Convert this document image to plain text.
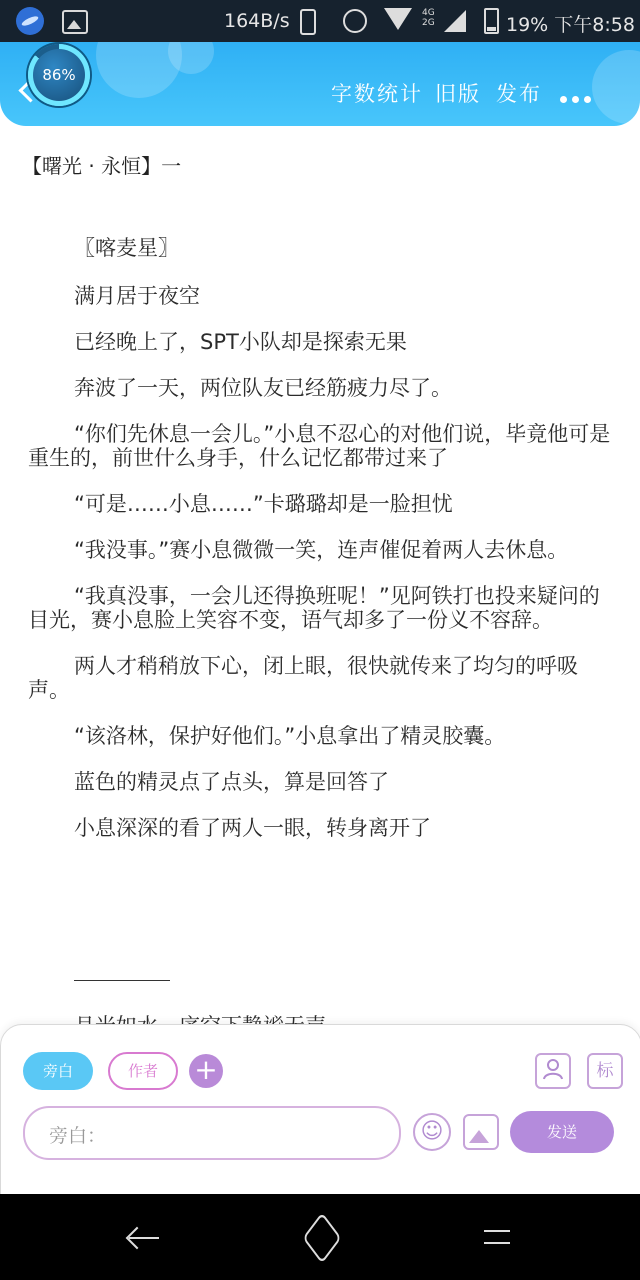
164B/s	4G
2G	19% 下午8:58
86%
字数统计 旧版 发布
【曙光 · 永恒】一

〖喀麦星〗

满月居于夜空

已经晚上了，SPT小队却是探索无果

奔波了一天，两位队友已经筋疲力尽了。

“你们先休息一会儿。”小息不忍心的对他们说，毕竟他可是重生的，前世什么身手，什么记忆都带过来了

“可是……小息……”卡璐璐却是一脸担忧

“我没事。”赛小息微微一笑，连声催促着两人去休息。

“我真没事，一会儿还得换班呢！”见阿铁打也投来疑问的目光，赛小息脸上笑容不变，语气却多了一份义不容辞。

两人才稍稍放下心，闭上眼，很快就传来了均匀的呼吸声。

“该洛林，保护好他们。”小息拿出了精灵胶囊。

蓝色的精灵点了点头，算是回答了

小息深深的看了两人一眼，转身离开了

旁白	作者	+	标
旁白：	☺	发送
